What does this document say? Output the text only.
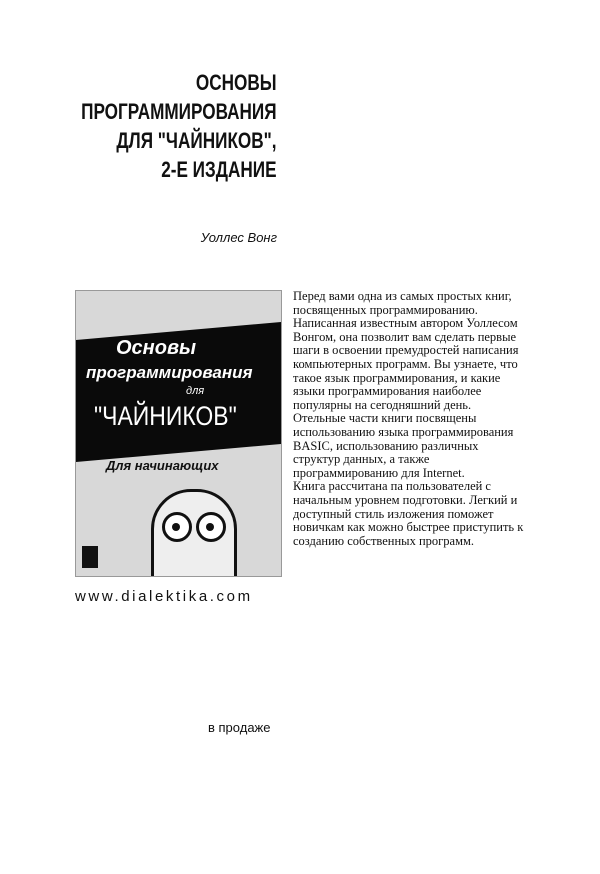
ОСНОВЫ
ПРОГРАММИРОВАНИЯ
ДЛЯ "ЧАЙНИКОВ",
2-Е ИЗДАНИЕ
Уоллес Вонг
Основы
программирования
для
"ЧАЙНИКОВ"
Для начинающих

Перед вами одна из самых простых книг, посвященных программированию.

Написанная известным автором Уоллесом Вонгом, она позволит вам сделать первые шаги в освоении премудростей написания компьютерных программ. Вы узнаете, что такое язык программирования, и какие языки программирования наиболее популярны на сегодняшний день.

Отельные части книги посвящены использованию языка программирования BASIC, использованию различных структур данных, а также программированию для Internet.

Книга рассчитана па пользователей с начальным уровнем подготовки. Легкий и доступный стиль изложения поможет новичкам как можно быстрее приступить к созданию собственных программ.

www.dialektika.com
в продаже
